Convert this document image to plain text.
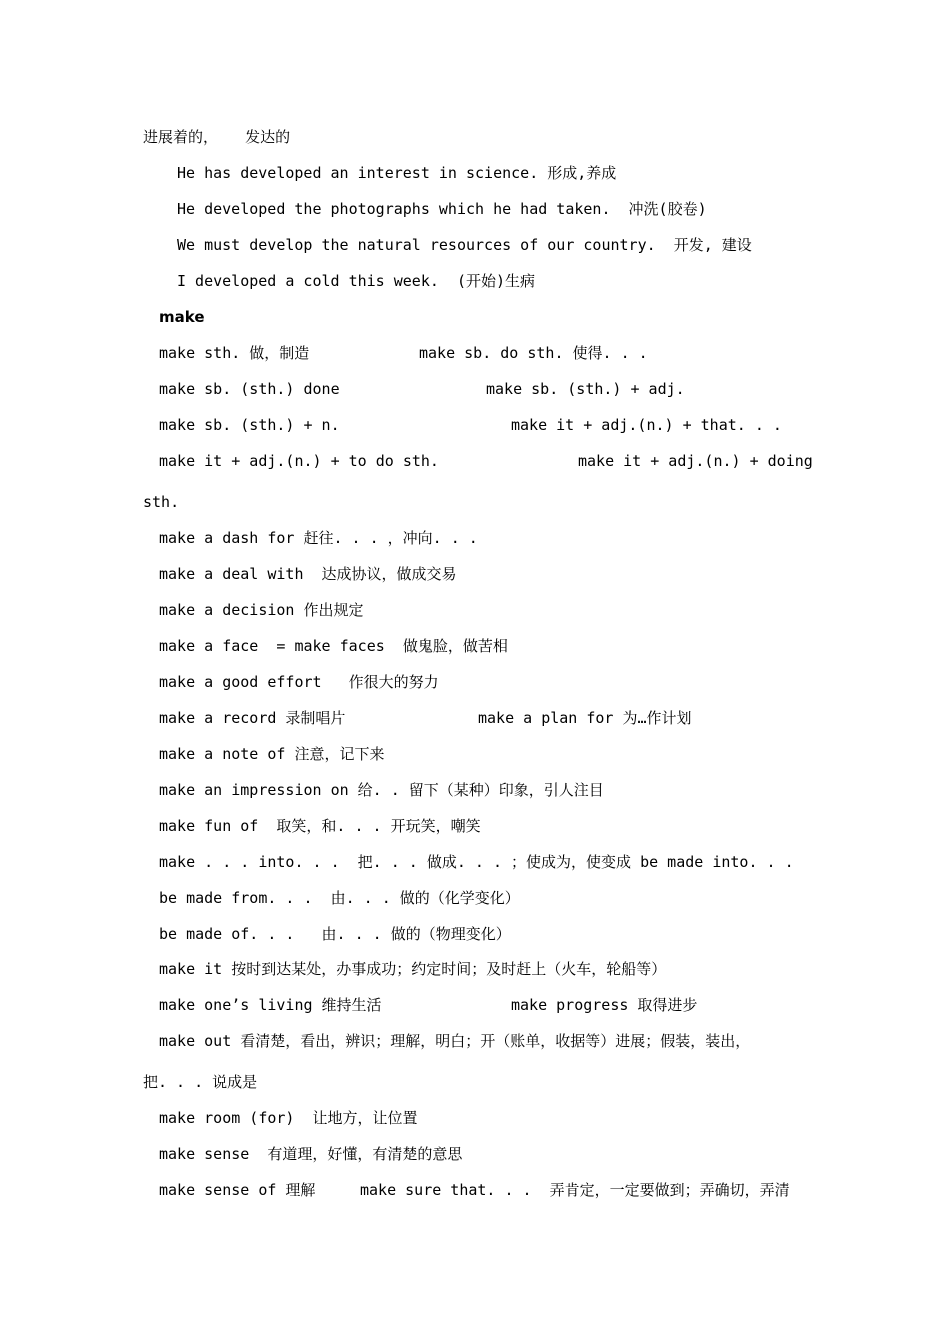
进展着的，   发达的
He has developed an interest in science. 形成,养成
He developed the photographs which he had taken.  冲洗(胶卷)
We must develop the natural resources of our country.  开发, 建设
I developed a cold this week.  (开始)生病
make
make sth. 做，制造	make sb. do sth. 使得. . .
make sb. (sth.) done	make sb. (sth.) + adj.
make sb. (sth.) + n.	make it + adj.(n.) + that. . .
make it + adj.(n.) + to do sth.	make it + adj.(n.) + doing
sth.
make a dash for 赶往. . . ，冲向. . .
make a deal with  达成协议，做成交易
make a decision 作出规定
make a face  = make faces  做鬼脸，做苦相
make a good effort   作很大的努力
make a record 录制唱片	make a plan for 为…作计划
make a note of 注意，记下来
make an impression on 给. . 留下（某种）印象，引人注目
make fun of  取笑，和. . . 开玩笑，嘲笑
make . . . into. . .  把. . . 做成. . . ；使成为，使变成 be made into. . .
be made from. . .  由. . . 做的（化学变化）
be made of. . .   由. . . 做的（物理变化）
make it 按时到达某处，办事成功；约定时间；及时赶上（火车，轮船等）
make one’s living 维持生活	make progress 取得进步
make out 看清楚，看出，辨识；理解，明白；开（账单，收据等）进展；假装，装出，
把. . . 说成是
make room (for)  让地方，让位置
make sense  有道理，好懂，有清楚的意思
make sense of 理解	make sure that. . .  弄肯定，一定要做到；弄确切，弄清
